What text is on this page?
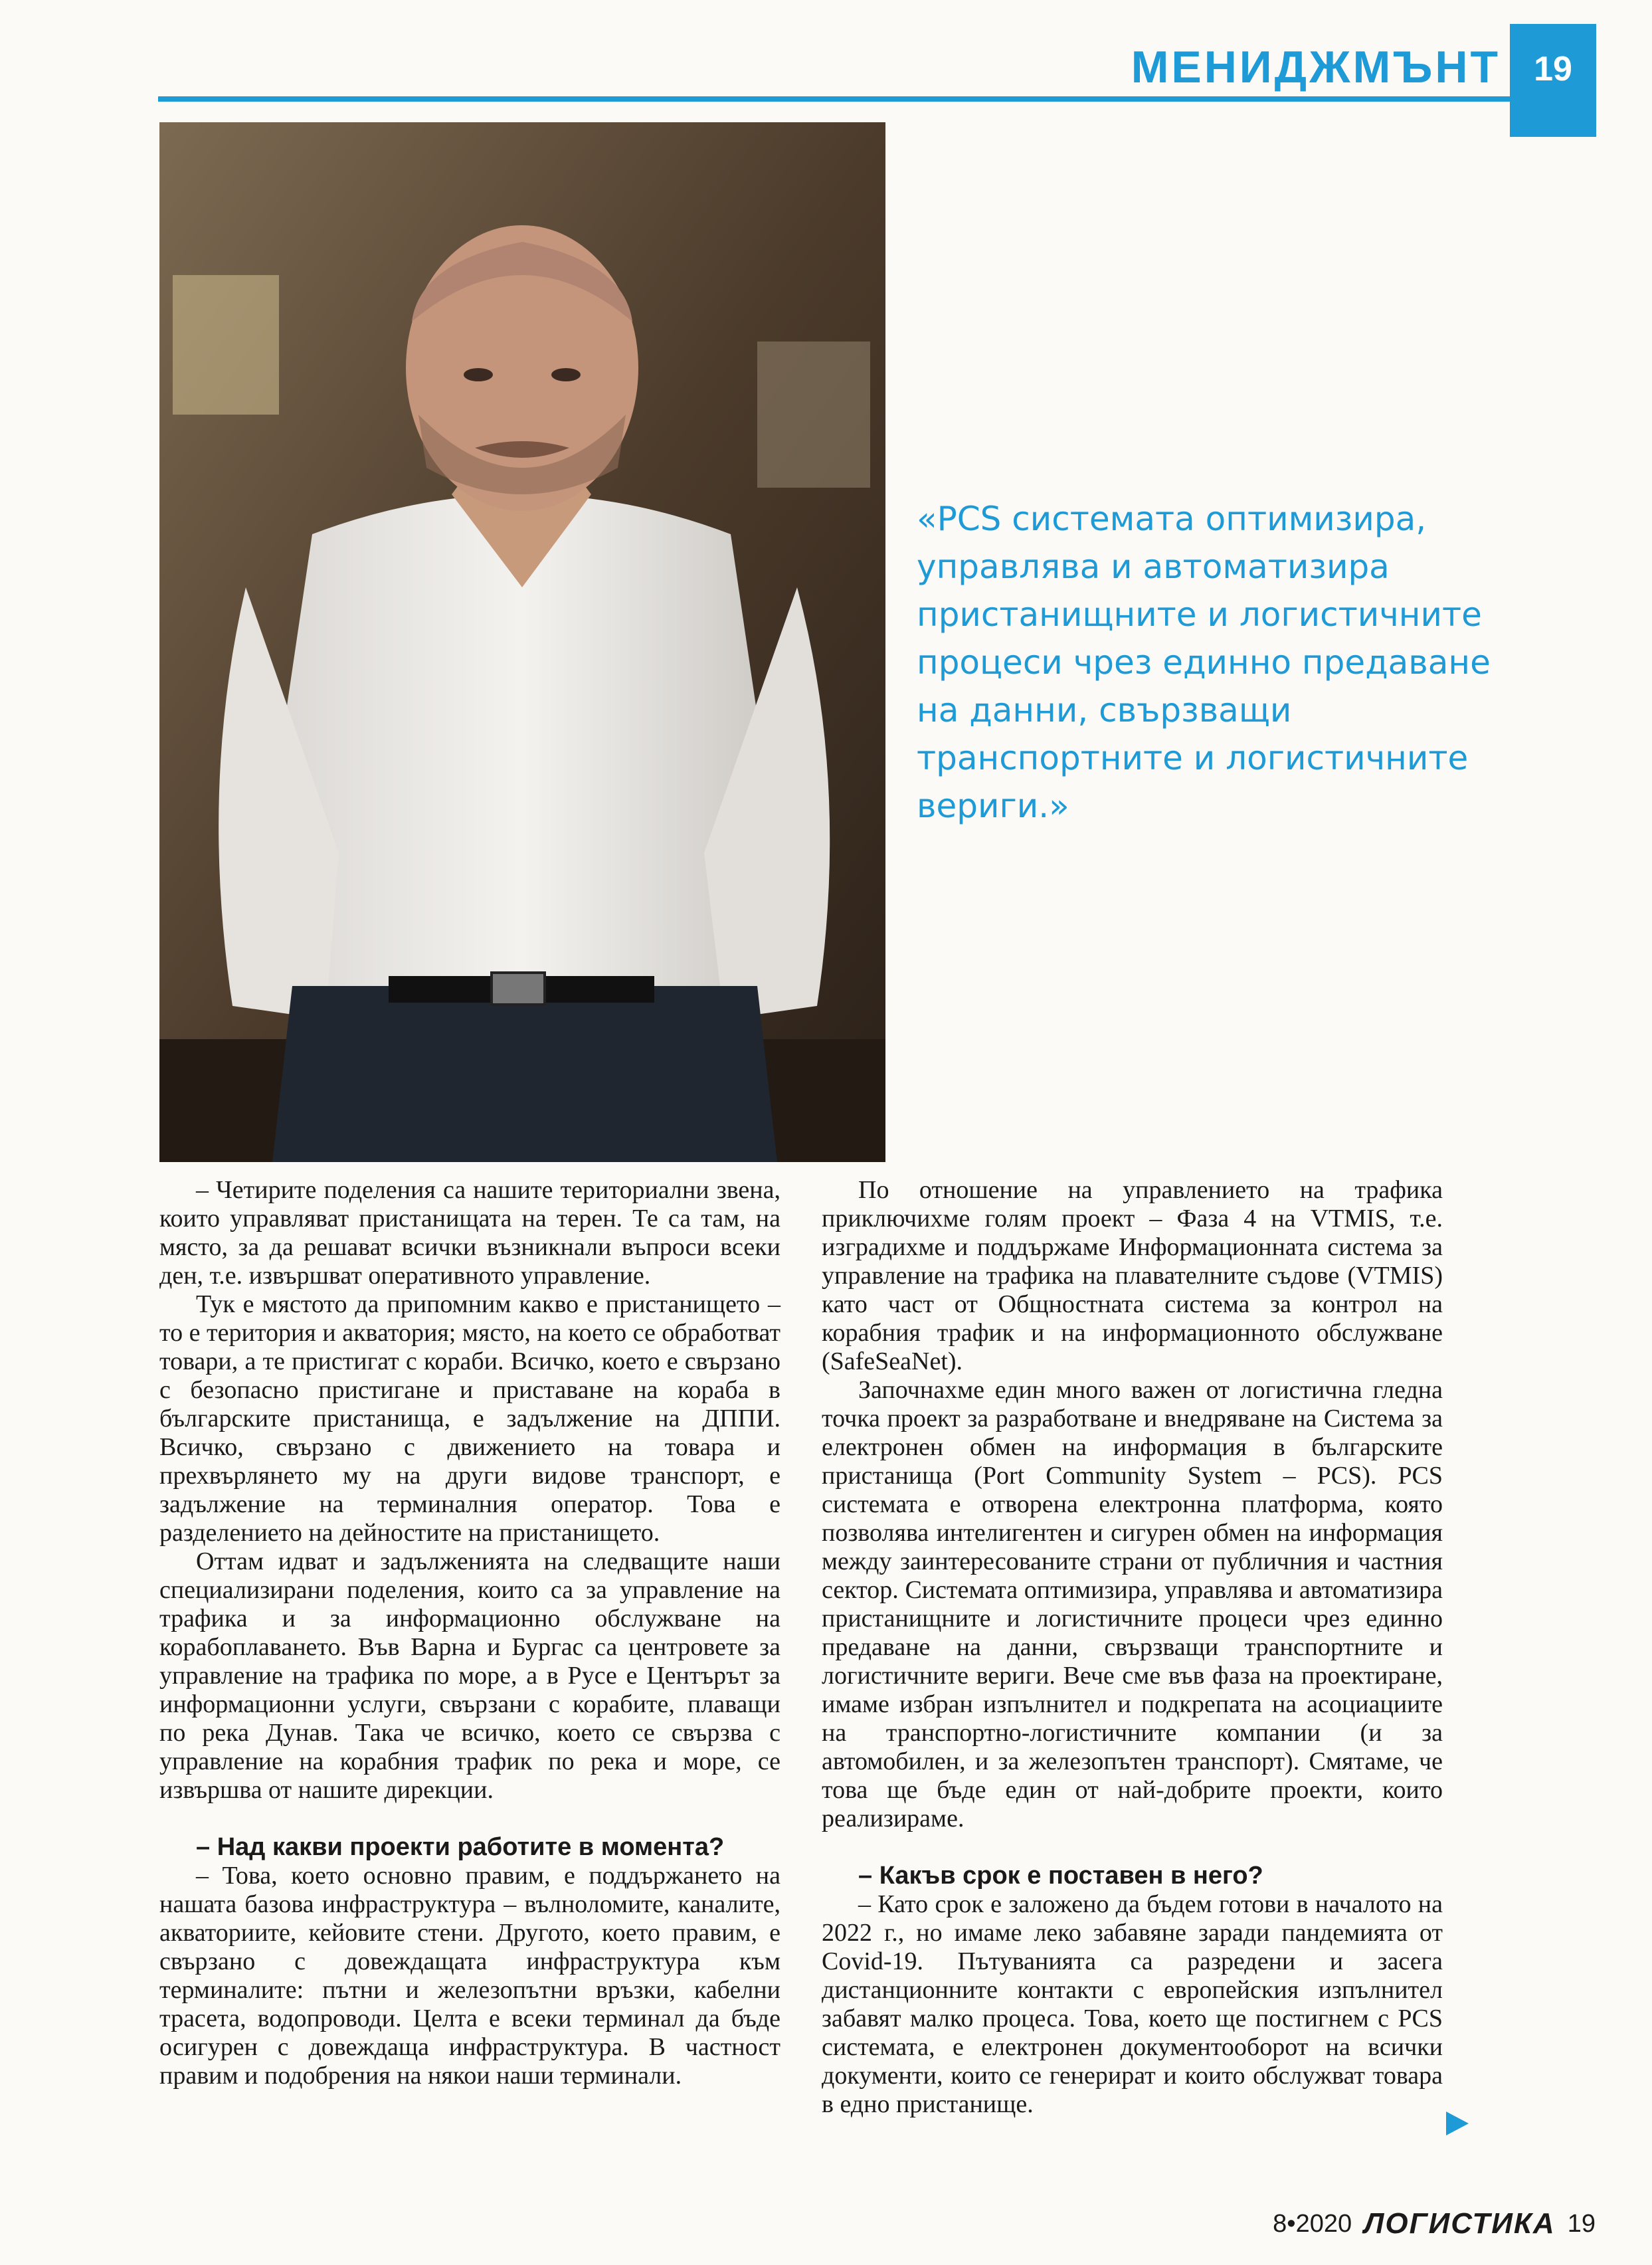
МЕНИДЖМЪНТ 19
«PCS системата оптимизира, управлява и автоматизира пристанищните и логистичните процеси чрез единно предаване на данни, свързващи транспортните и логистичните вериги.»

– Четирите поделения са нашите териториални звена, които управляват пристанищата на терен. Те са там, на място, за да решават всички възникнали въпроси всеки ден, т.е. извършват оперативното управление.

Тук е мястото да припомним какво е пристанището – то е територия и акватория; място, на което се обработват товари, а те пристигат с кораби. Всичко, което е свързано с безопасно пристигане и приставане на кораба в българските пристанища, е задължение на ДППИ. Всичко, свързано с движението на товара и прехвърлянето му на други видове транспорт, е задължение на терминалния оператор. Това е разделението на дейностите на пристанището.

Оттам идват и задълженията на следващите наши специализирани поделения, които са за управление на трафика и за информационно обслужване на корабоплаването. Във Варна и Бургас са центровете за управление на трафика по море, а в Русе е Центърът за информационни услуги, свързани с корабите, плаващи по река Дунав. Така че всичко, което се свързва с управление на корабния трафик по река и море, се извършва от нашите дирекции.

– Над какви проекти работите в момента?

– Това, което основно правим, е поддържането на нашата базова инфраструктура – вълноломите, каналите, акваториите, кейовите стени. Другото, което правим, е свързано с довеждащата инфраструктура към терминалите: пътни и железопътни връзки, кабелни трасета, водопроводи. Целта е всеки терминал да бъде осигурен с довеждаща инфраструктура. В частност правим и подобрения на някои наши терминали.

По отношение на управлението на трафика приключихме голям проект – Фаза 4 на VTMIS, т.е. изградихме и поддържаме Информационната система за управление на трафика на плавателните съдове (VTMIS) като част от Общностната система за контрол на корабния трафик и на информационното обслужване (SafeSeaNet).

Започнахме един много важен от логистична гледна точка проект за разработване и внедряване на Система за електронен обмен на информация в българските пристанища (Port Community System – PCS). PCS системата е отворена електронна платформа, която позволява интелигентен и сигурен обмен на информация между заинтересованите страни от публичния и частния сектор. Системата оптимизира, управлява и автоматизира пристанищните и логистичните процеси чрез единно предаване на данни, свързващи транспортните и логистичните вериги. Вече сме във фаза на проектиране, имаме избран изпълнител и подкрепата на асоциациите на транспортно-логистичните компании (и за автомобилен, и за железопътен транспорт). Смятаме, че това ще бъде един от най-добрите проекти, които реализираме.

– Какъв срок е поставен в него?

– Като срок е заложено да бъдем готови в началото на 2022 г., но имаме леко забавяне заради пандемията от Covid-19. Пътуванията са разредени и засега дистанционните контакти с европейския изпълнител забавят малко процеса. Това, което ще постигнем с PCS системата, е електронен документооборот на всички документи, които се генерират и които обслужват товара в едно пристанище.

8•2020 ЛОГИСТИКА 19
